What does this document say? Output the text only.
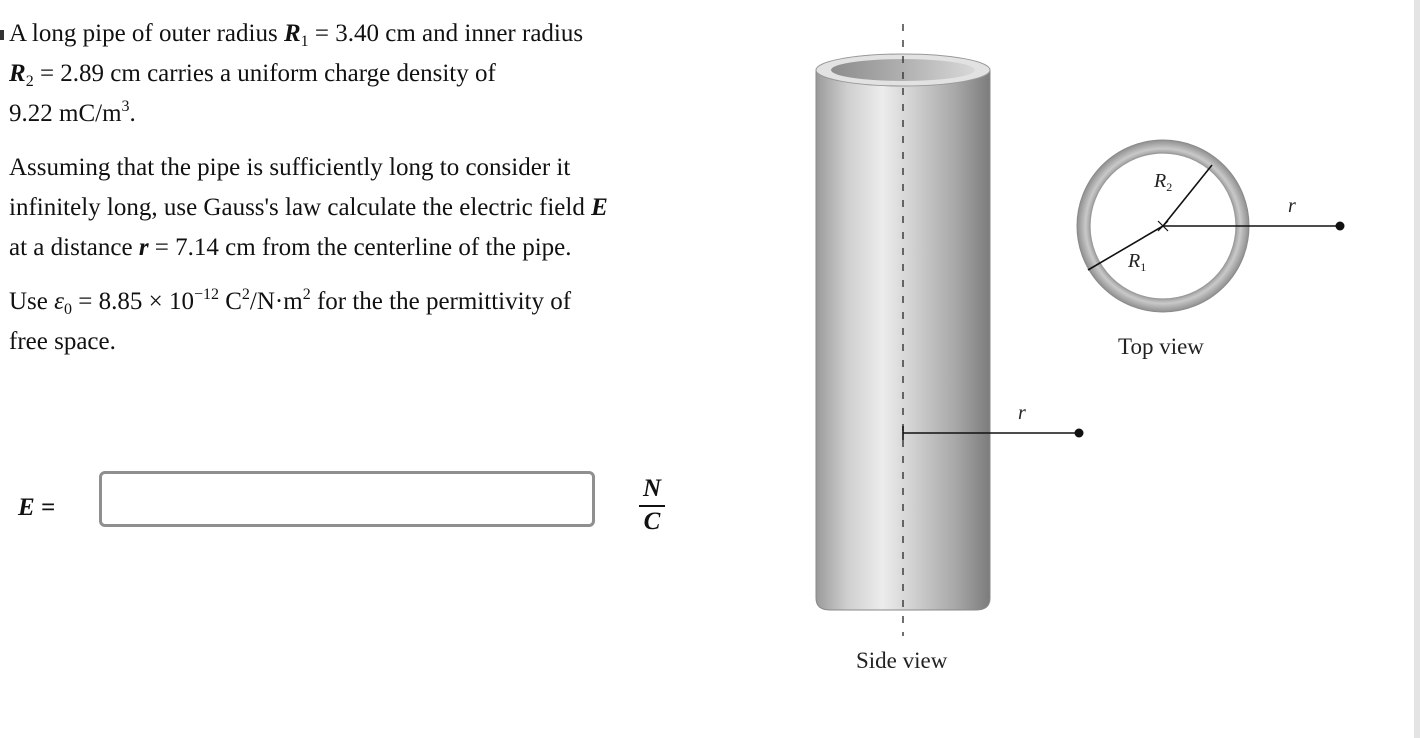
A long pipe of outer radius $R_1 = 3.40$ cm and inner radius
$R_2 = 2.89$ cm carries a uniform charge density of
9.22 $mC/m^3$.

Assuming that the pipe is sufficiently long to consider it
infinitely long, use Gauss's law calculate the electric field E
at a distance r = 7.14 cm from the centerline of the pipe.

Use $\varepsilon_0 = 8.85 \times 10^{-12}$ $C^2/N\cdot m^2$ for the the permittivity of
free space.

E =
N
C
r
r
$R_2$
$R_1$
Top view
Side view
